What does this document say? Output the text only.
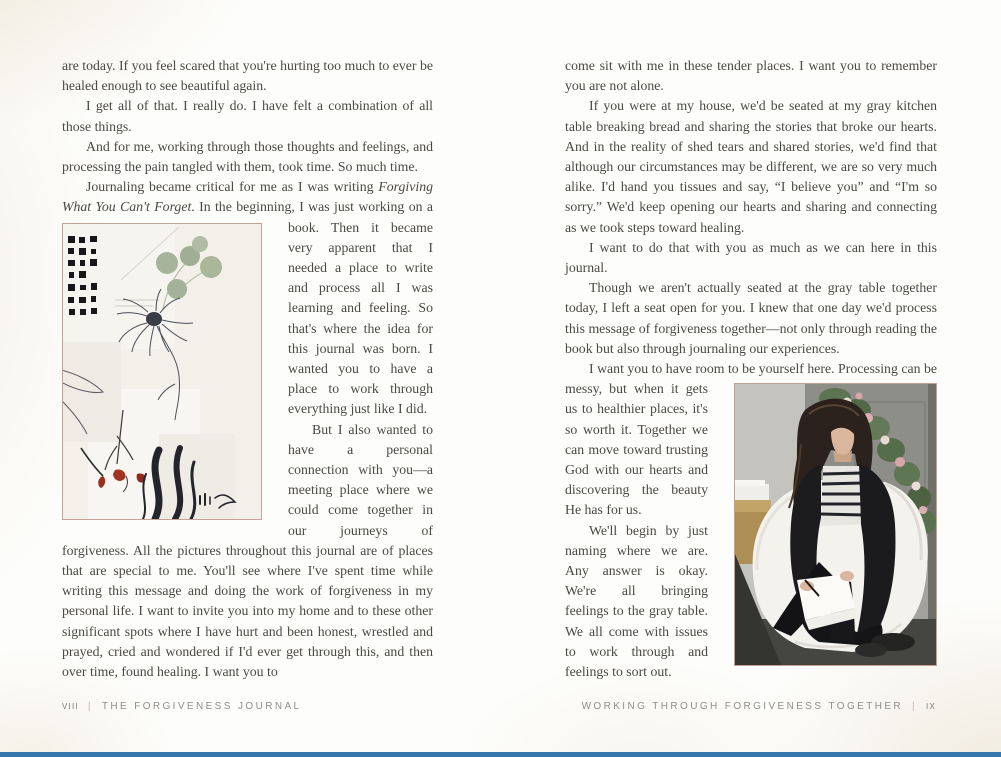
are today. If you feel scared that you're hurting too much to ever be healed enough to see beautiful again.

I get all of that. I really do. I have felt a combination of all those things.

And for me, working through those thoughts and feelings, and processing the pain tangled with them, took time. So much time.

Journaling became critical for me as I was writing Forgiving What You Can't Forget. In the beginning, I was just working on
a book. Then it became very apparent that I needed a place to write and process all I was learning and feeling. So that's where the idea for this journal was born. I wanted you to have a place to work through everything just like I did.

But I also wanted to have a personal connection with you—a meeting place where we could come together in our journeys of forgiveness. All the pictures throughout this journal are of places that are special to me. You'll see where I've spent time while writing this message and doing the work of forgiveness in my personal life. I want to invite you into my home and to these other significant spots where I have hurt and been honest, wrestled and prayed, cried and wondered if I'd ever get through this, and then over time, found healing. I want you to

come sit with me in these tender places. I want you to remember you are not alone.

If you were at my house, we'd be seated at my gray kitchen table breaking bread and sharing the stories that broke our hearts. And in the reality of shed tears and shared stories, we'd find that although our circumstances may be different, we are so very much alike. I'd hand you tissues and say, “I believe you” and “I'm so sorry.” We'd keep opening our hearts and sharing and connecting as we took steps toward healing.

I want to do that with you as much as we can here in this journal.

Though we aren't actually seated at the gray table together today, I left a seat open for you. I knew that one day we'd process this message of forgiveness together—not only through reading the book but also through journaling our experiences.

I want you to have room to be yourself here. Processing can be
messy, but when it gets us to healthier places, it's so worth it. Together we can move toward trusting God with our hearts and discovering the beauty He has for us.

We'll begin by just naming where we are. Any answer is okay. We're all bringing feelings to the gray table. We all come with issues to work through and feelings to sort out.

VIII | THE FORGIVENESS JOURNAL	WORKING THROUGH FORGIVENESS TOGETHER | IX
